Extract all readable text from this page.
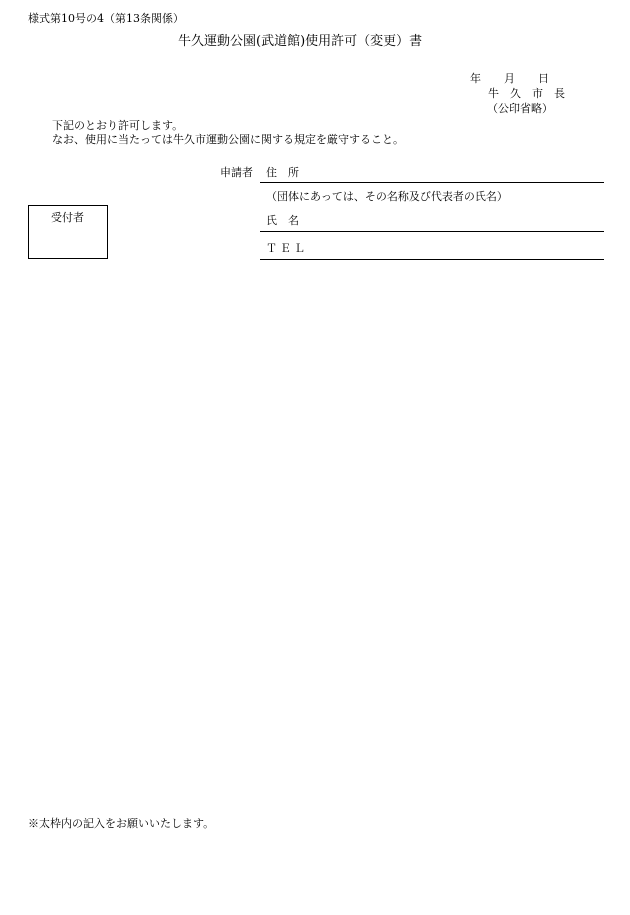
様式第10号の4（第13条関係）
牛久運動公園(武道館)使用許可（変更）書
年 月 日
牛　久　市　長
（公印省略）
下記のとおり許可します。
なお、使用に当たっては牛久市運動公園に関する規定を厳守すること。
申請者 住　所
（団体にあっては、その名称及び代表者の氏名）
氏　名
ＴＥＬ
受付者
※太枠内の記入をお願いいたします。
